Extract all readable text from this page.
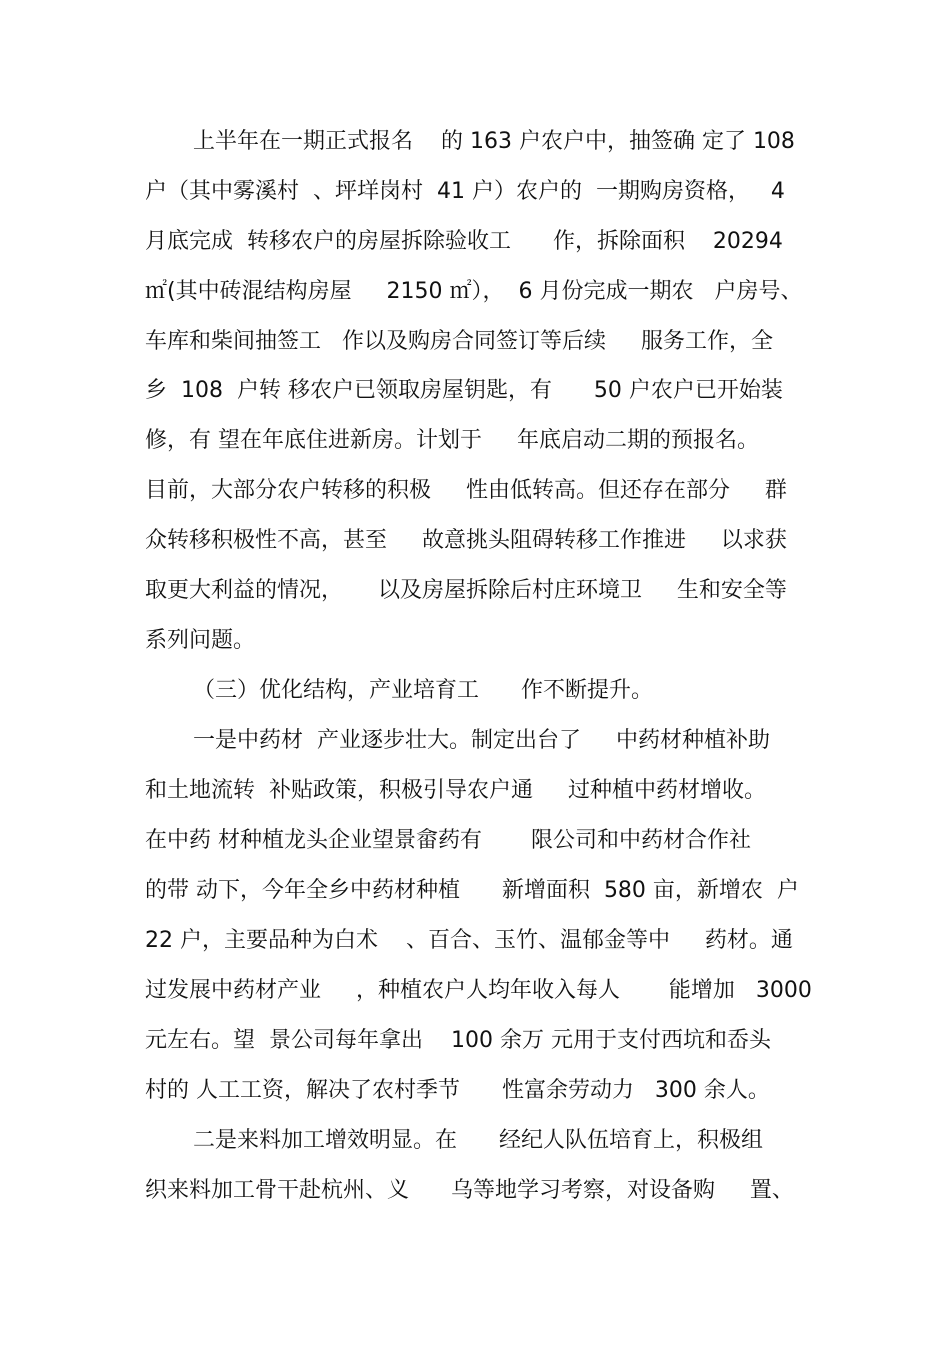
上半年在一期正式报名    的 163 户农户中，抽签确 定了 108
户（其中雾溪村  、坪垟岗村  41 户）农户的  一期购房资格，   4
月底完成  转移农户的房屋拆除验收工      作，拆除面积    20294
㎡(其中砖混结构房屋     2150 ㎡），  6 月份完成一期农   户房号、
车库和柴间抽签工   作以及购房合同签订等后续     服务工作，全
乡  108  户转 移农户已领取房屋钥匙，有      50 户农户已开始装
修，有 望在年底住进新房。计划于     年底启动二期的预报名。
目前，大部分农户转移的积极     性由低转高。但还存在部分     群
众转移积极性不高，甚至     故意挑头阻碍转移工作推进     以求获
取更大利益的情况，     以及房屋拆除后村庄环境卫     生和安全等
系列问题。
（三）优化结构，产业培育工      作不断提升。
一是中药材  产业逐步壮大。制定出台了     中药材种植补助
和土地流转  补贴政策，积极引导农户通     过种植中药材增收。
在中药 材种植龙头企业望景畲药有       限公司和中药材合作社
的带 动下，今年全乡中药材种植      新增面积  580 亩，新增农  户
22 户，主要品种为白术    、百合、玉竹、温郁金等中     药材。通
过发展中药材产业     ，种植农户人均年收入每人       能增加   3000
元左右。望  景公司每年拿出    100 余万 元用于支付西坑和岙头
村的 人工工资，解决了农村季节      性富余劳动力   300 余人。
二是来料加工增效明显。在      经纪人队伍培育上，积极组
织来料加工骨干赴杭州、义      乌等地学习考察，对设备购     置、
